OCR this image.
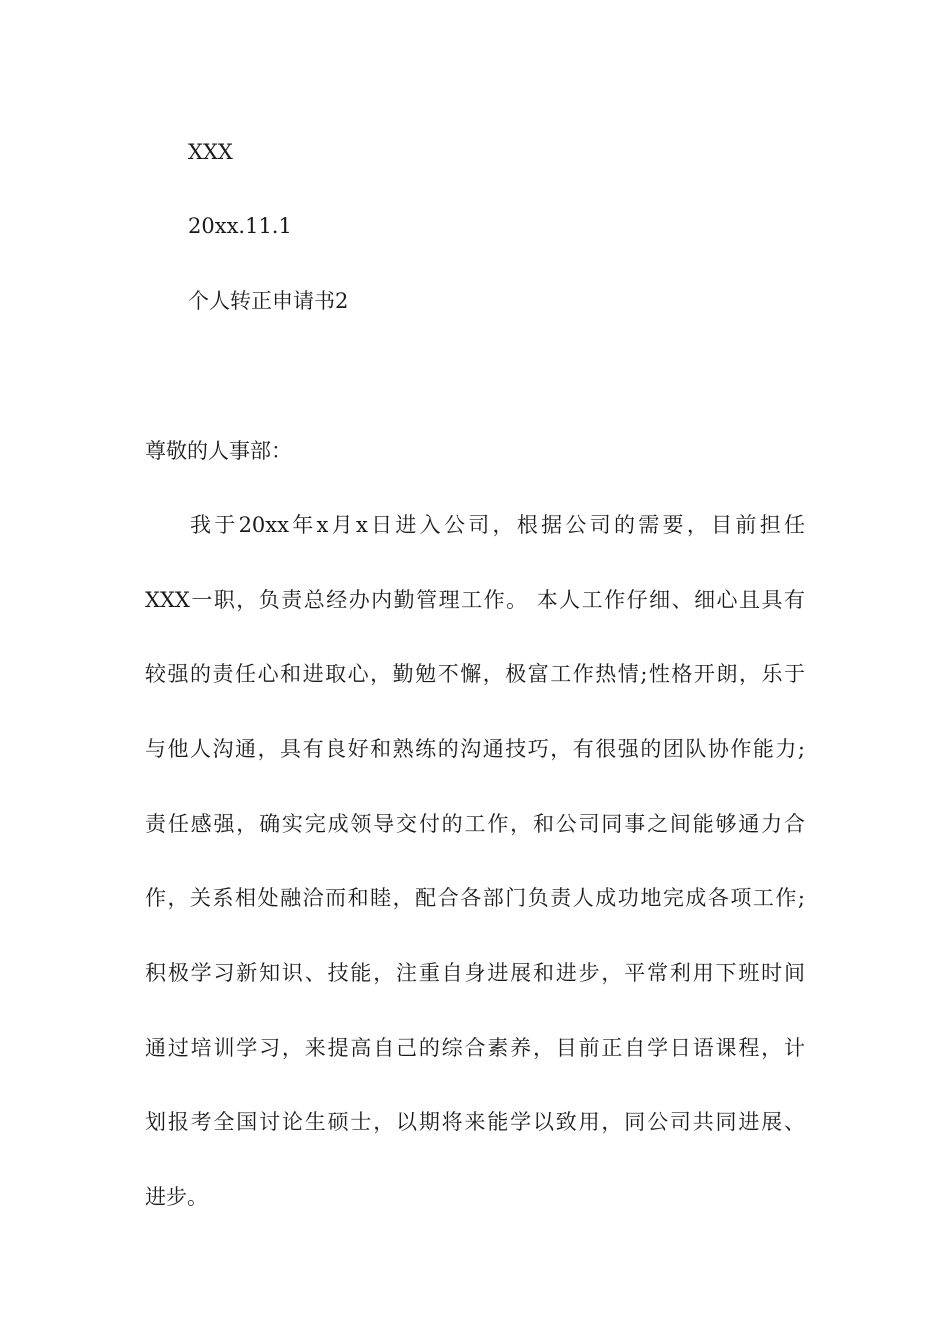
XXX
20xx.11.1
个人转正申请书2
尊敬的人事部：
我于20xx年x月x日进入公司，根据公司的需要，目前担任
XXX一职，负责总经办内勤管理工作。 本人工作仔细、细心且具有
较强的责任心和进取心，勤勉不懈，极富工作热情;性格开朗，乐于
与他人沟通，具有良好和熟练的沟通技巧，有很强的团队协作能力;
责任感强，确实完成领导交付的工作，和公司同事之间能够通力合
作，关系相处融洽而和睦，配合各部门负责人成功地完成各项工作;
积极学习新知识、技能，注重自身进展和进步，平常利用下班时间
通过培训学习，来提高自己的综合素养，目前正自学日语课程，计
划报考全国讨论生硕士，以期将来能学以致用，同公司共同进展、
进步。
